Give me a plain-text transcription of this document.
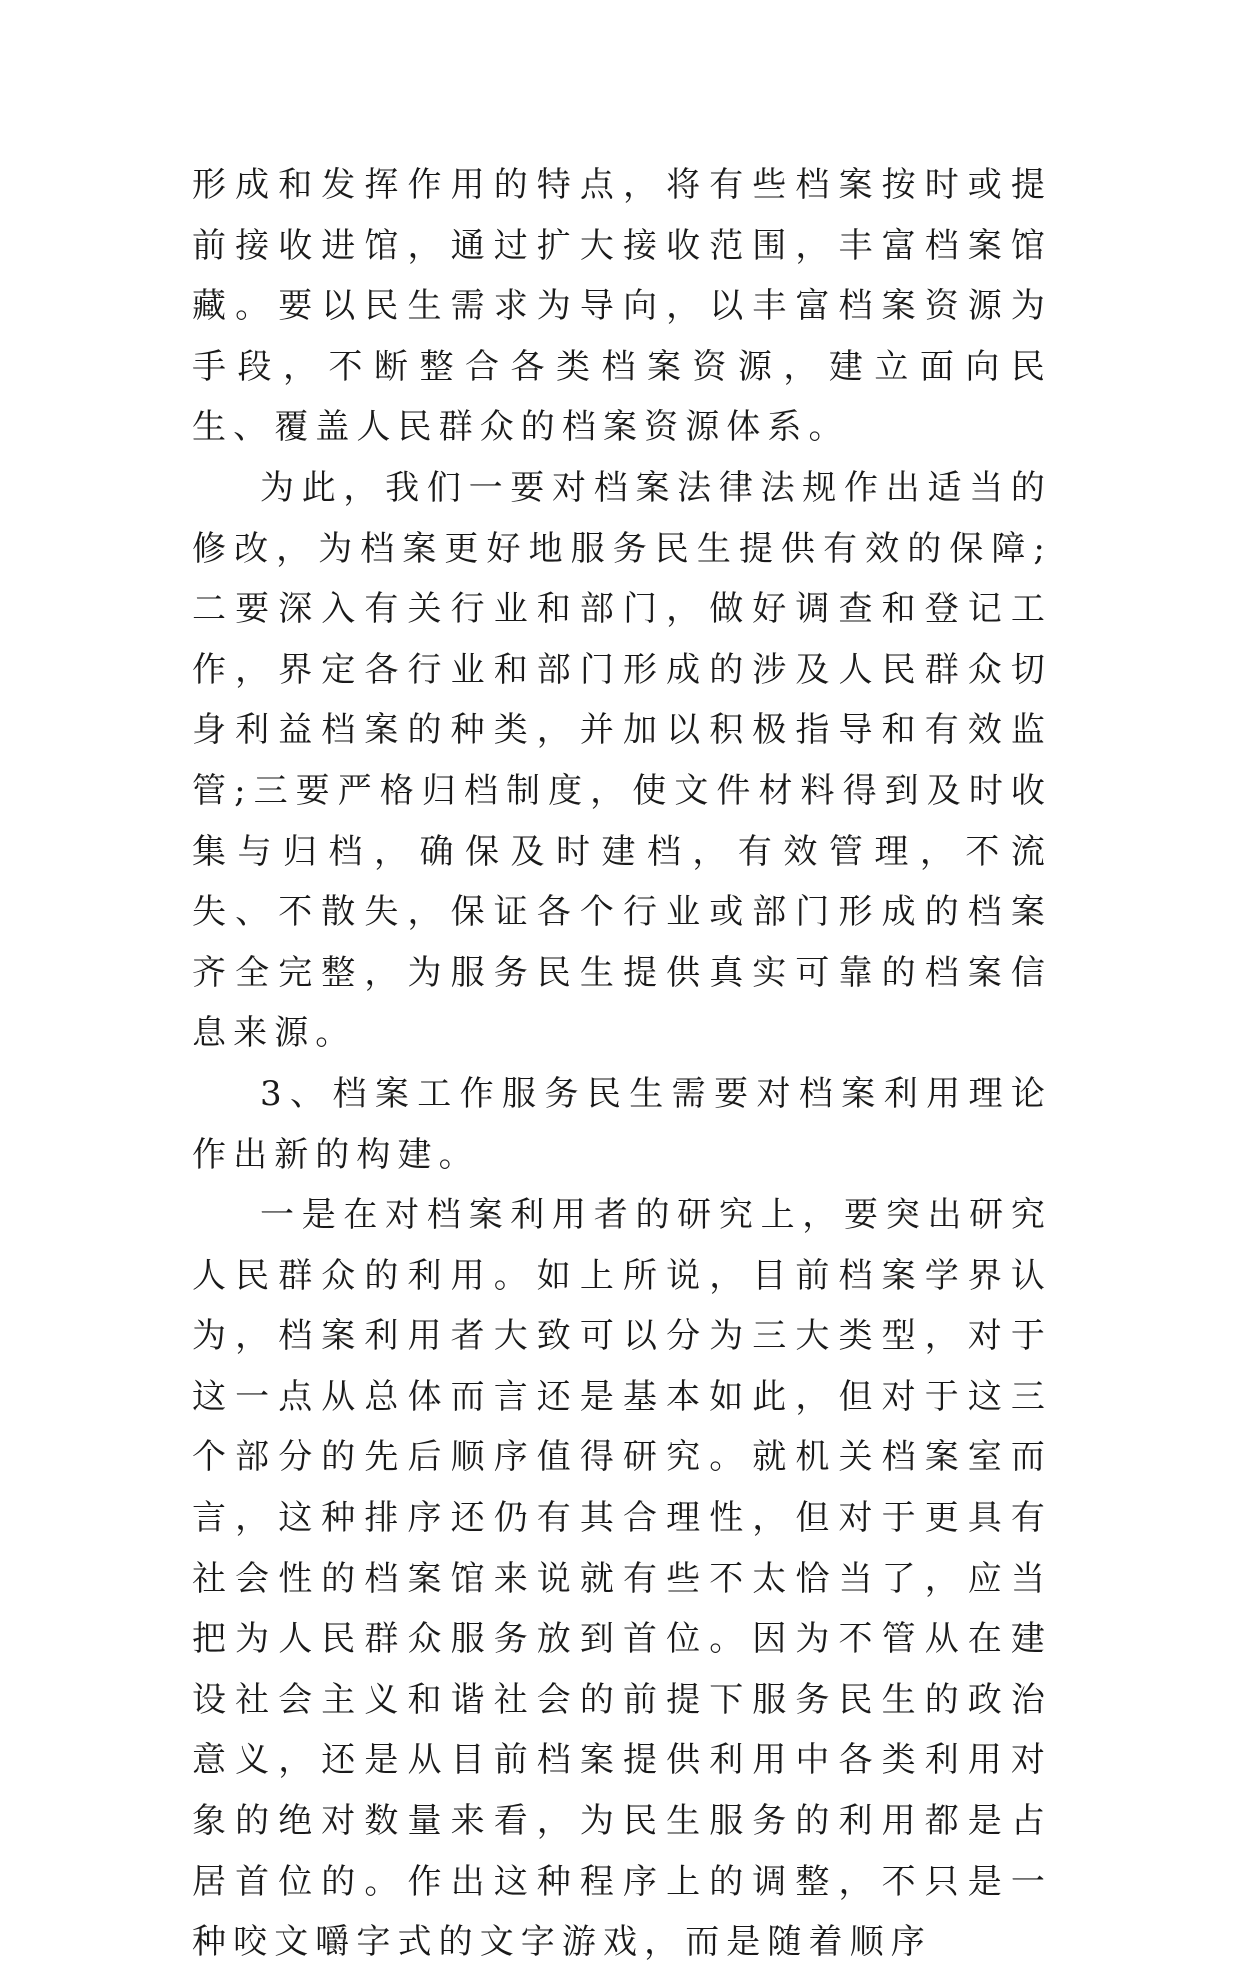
形成和发挥作用的特点，将有些档案按时或提前接收进馆，通过扩大接收范围，丰富档案馆藏。要以民生需求为导向，以丰富档案资源为手段，不断整合各类档案资源，建立面向民生、覆盖人民群众的档案资源体系。

为此，我们一要对档案法律法规作出适当的修改，为档案更好地服务民生提供有效的保障;二要深入有关行业和部门，做好调查和登记工作，界定各行业和部门形成的涉及人民群众切身利益档案的种类，并加以积极指导和有效监管;三要严格归档制度，使文件材料得到及时收集与归档，确保及时建档，有效管理，不流失、不散失，保证各个行业或部门形成的档案齐全完整，为服务民生提供真实可靠的档案信息来源。

3、档案工作服务民生需要对档案利用理论作出新的构建。

一是在对档案利用者的研究上，要突出研究人民群众的利用。如上所说，目前档案学界认为，档案利用者大致可以分为三大类型，对于这一点从总体而言还是基本如此，但对于这三个部分的先后顺序值得研究。就机关档案室而言，这种排序还仍有其合理性，但对于更具有社会性的档案馆来说就有些不太恰当了，应当把为人民群众服务放到首位。因为不管从在建设社会主义和谐社会的前提下服务民生的政治意义，还是从目前档案提供利用中各类利用对象的绝对数量来看，为民生服务的利用都是占居首位的。作出这种程序上的调整，不只是一种咬文嚼字式的文字游戏，而是随着顺序
